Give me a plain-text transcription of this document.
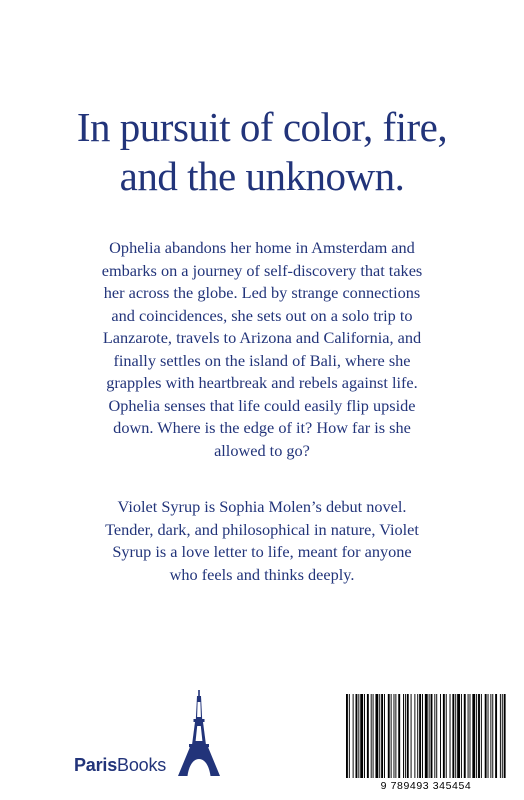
In pursuit of color, fire,
and the unknown.
Ophelia abandons her home in Amsterdam and
embarks on a journey of self-discovery that takes
her across the globe. Led by strange connections
and coincidences, she sets out on a solo trip to
Lanzarote, travels to Arizona and California, and
finally settles on the island of Bali, where she
grapples with heartbreak and rebels against life.
Ophelia senses that life could easily flip upside
down. Where is the edge of it? How far is she
allowed to go?
Violet Syrup is Sophia Molen’s debut novel.
Tender, dark, and philosophical in nature, Violet
Syrup is a love letter to life, meant for anyone
who feels and thinks deeply.
ParisBooks
9 789493 345454
